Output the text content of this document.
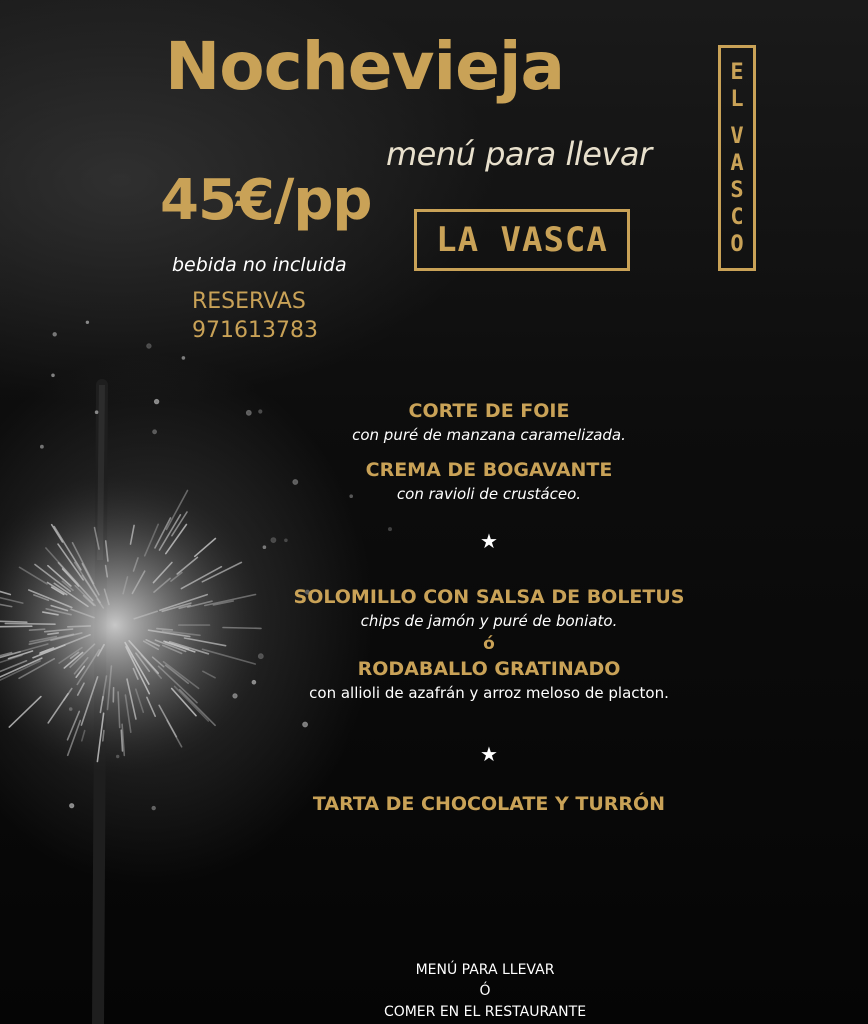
Nochevieja
menú para llevar
45€/pp
bebida no incluida
RESERVAS
971613783
LA VASCA
E
L

V
A
S
C
O
CORTE DE FOIE
con puré de manzana caramelizada.
CREMA DE BOGAVANTE
con ravioli de crustáceo.
★
SOLOMILLO CON SALSA DE BOLETUS
chips de jamón y puré de boniato.
ó
RODABALLO GRATINADO
con allioli de azafrán y arroz meloso de placton.
★
TARTA DE CHOCOLATE Y TURRÓN
MENÚ PARA LLEVAR
Ó
COMER EN EL RESTAURANTE
